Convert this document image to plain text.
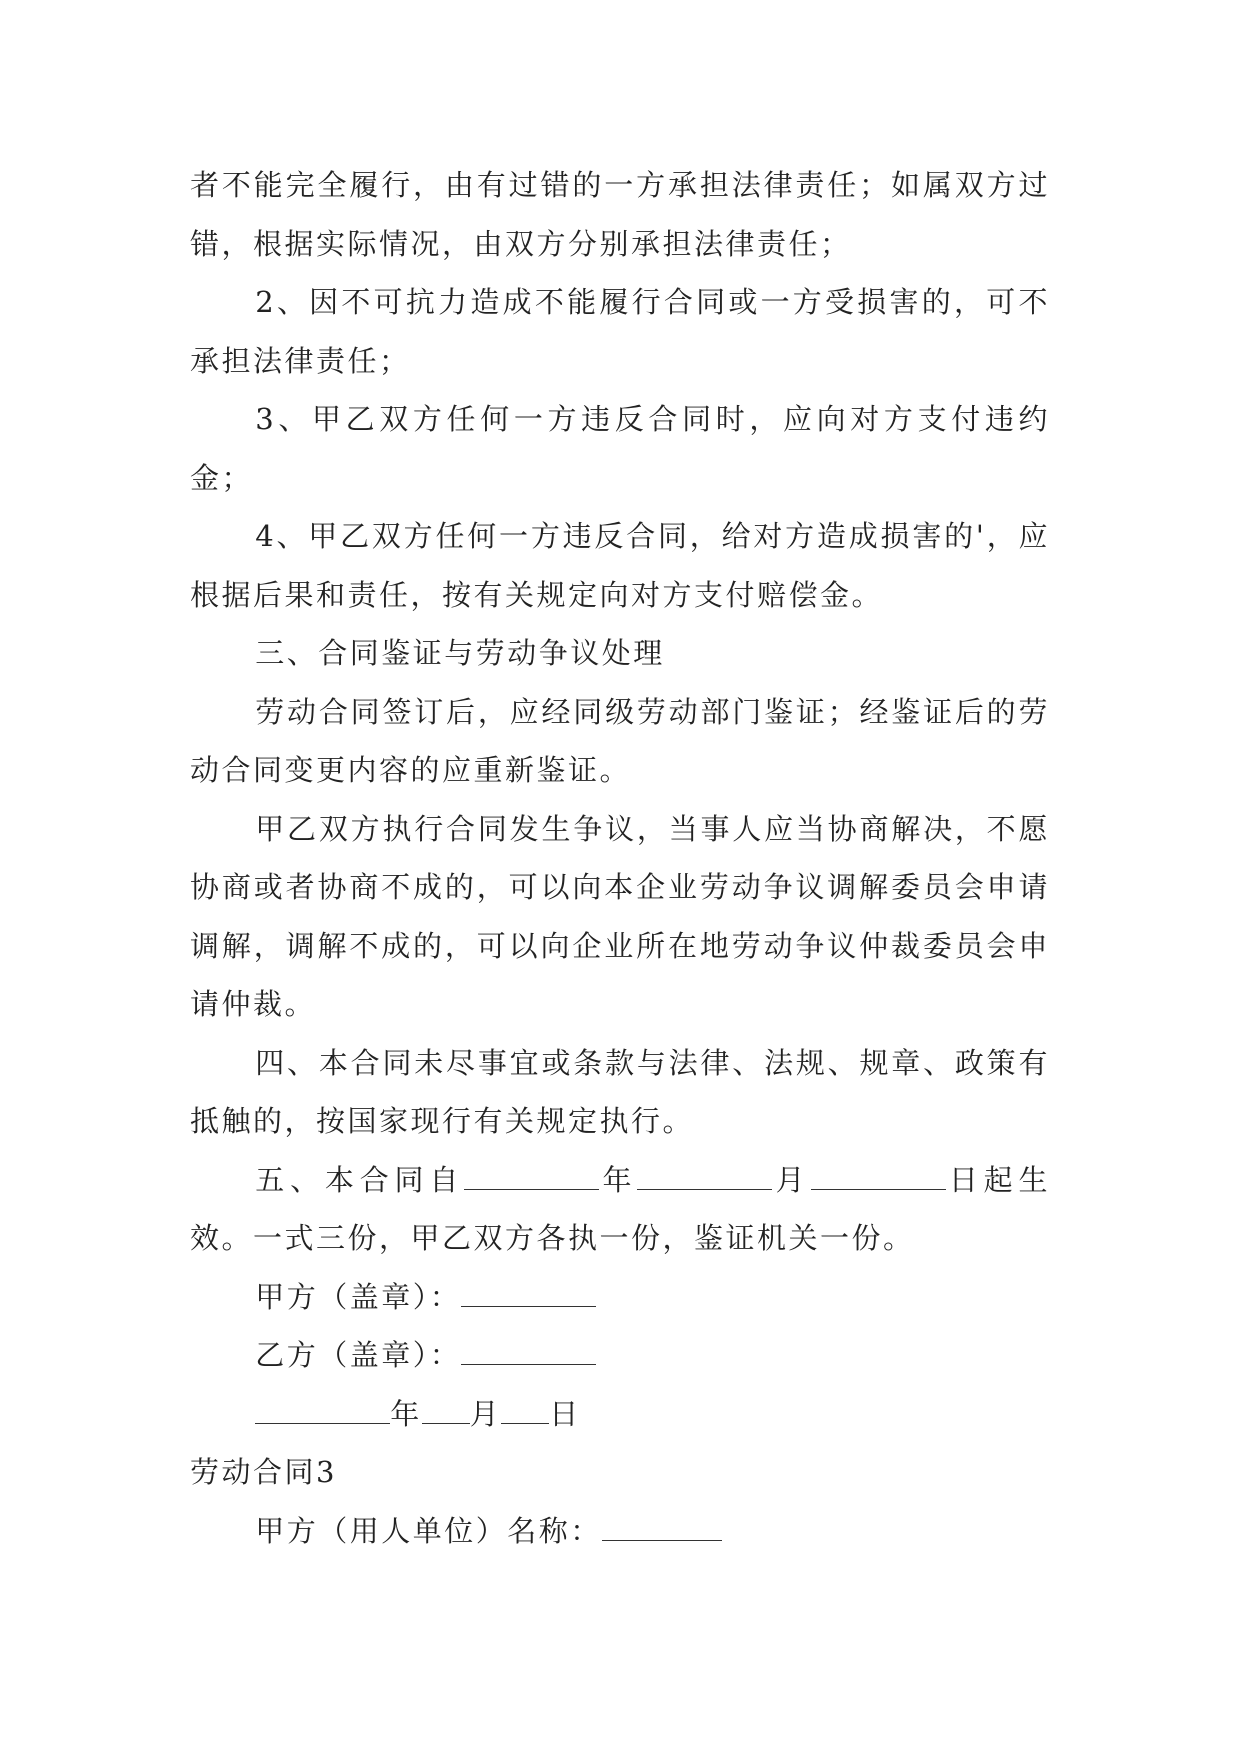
者不能完全履行，由有过错的一方承担法律责任；如属双方过错，根据实际情况，由双方分别承担法律责任；

2、因不可抗力造成不能履行合同或一方受损害的，可不承担法律责任；

3、甲乙双方任何一方违反合同时，应向对方支付违约金；

4、甲乙双方任何一方违反合同，给对方造成损害的'，应根据后果和责任，按有关规定向对方支付赔偿金。

三、合同鉴证与劳动争议处理

劳动合同签订后，应经同级劳动部门鉴证；经鉴证后的劳动合同变更内容的应重新鉴证。

甲乙双方执行合同发生争议，当事人应当协商解决，不愿协商或者协商不成的，可以向本企业劳动争议调解委员会申请调解，调解不成的，可以向企业所在地劳动争议仲裁委员会申请仲裁。

四、本合同未尽事宜或条款与法律、法规、规章、政策有抵触的，按国家现行有关规定执行。

五、本合同自	年	月	日起生效。一式三份，甲乙双方各执一份，鉴证机关一份。

甲方（盖章）：

乙方（盖章）：

年 月 日

劳动合同3

甲方（用人单位）名称：
